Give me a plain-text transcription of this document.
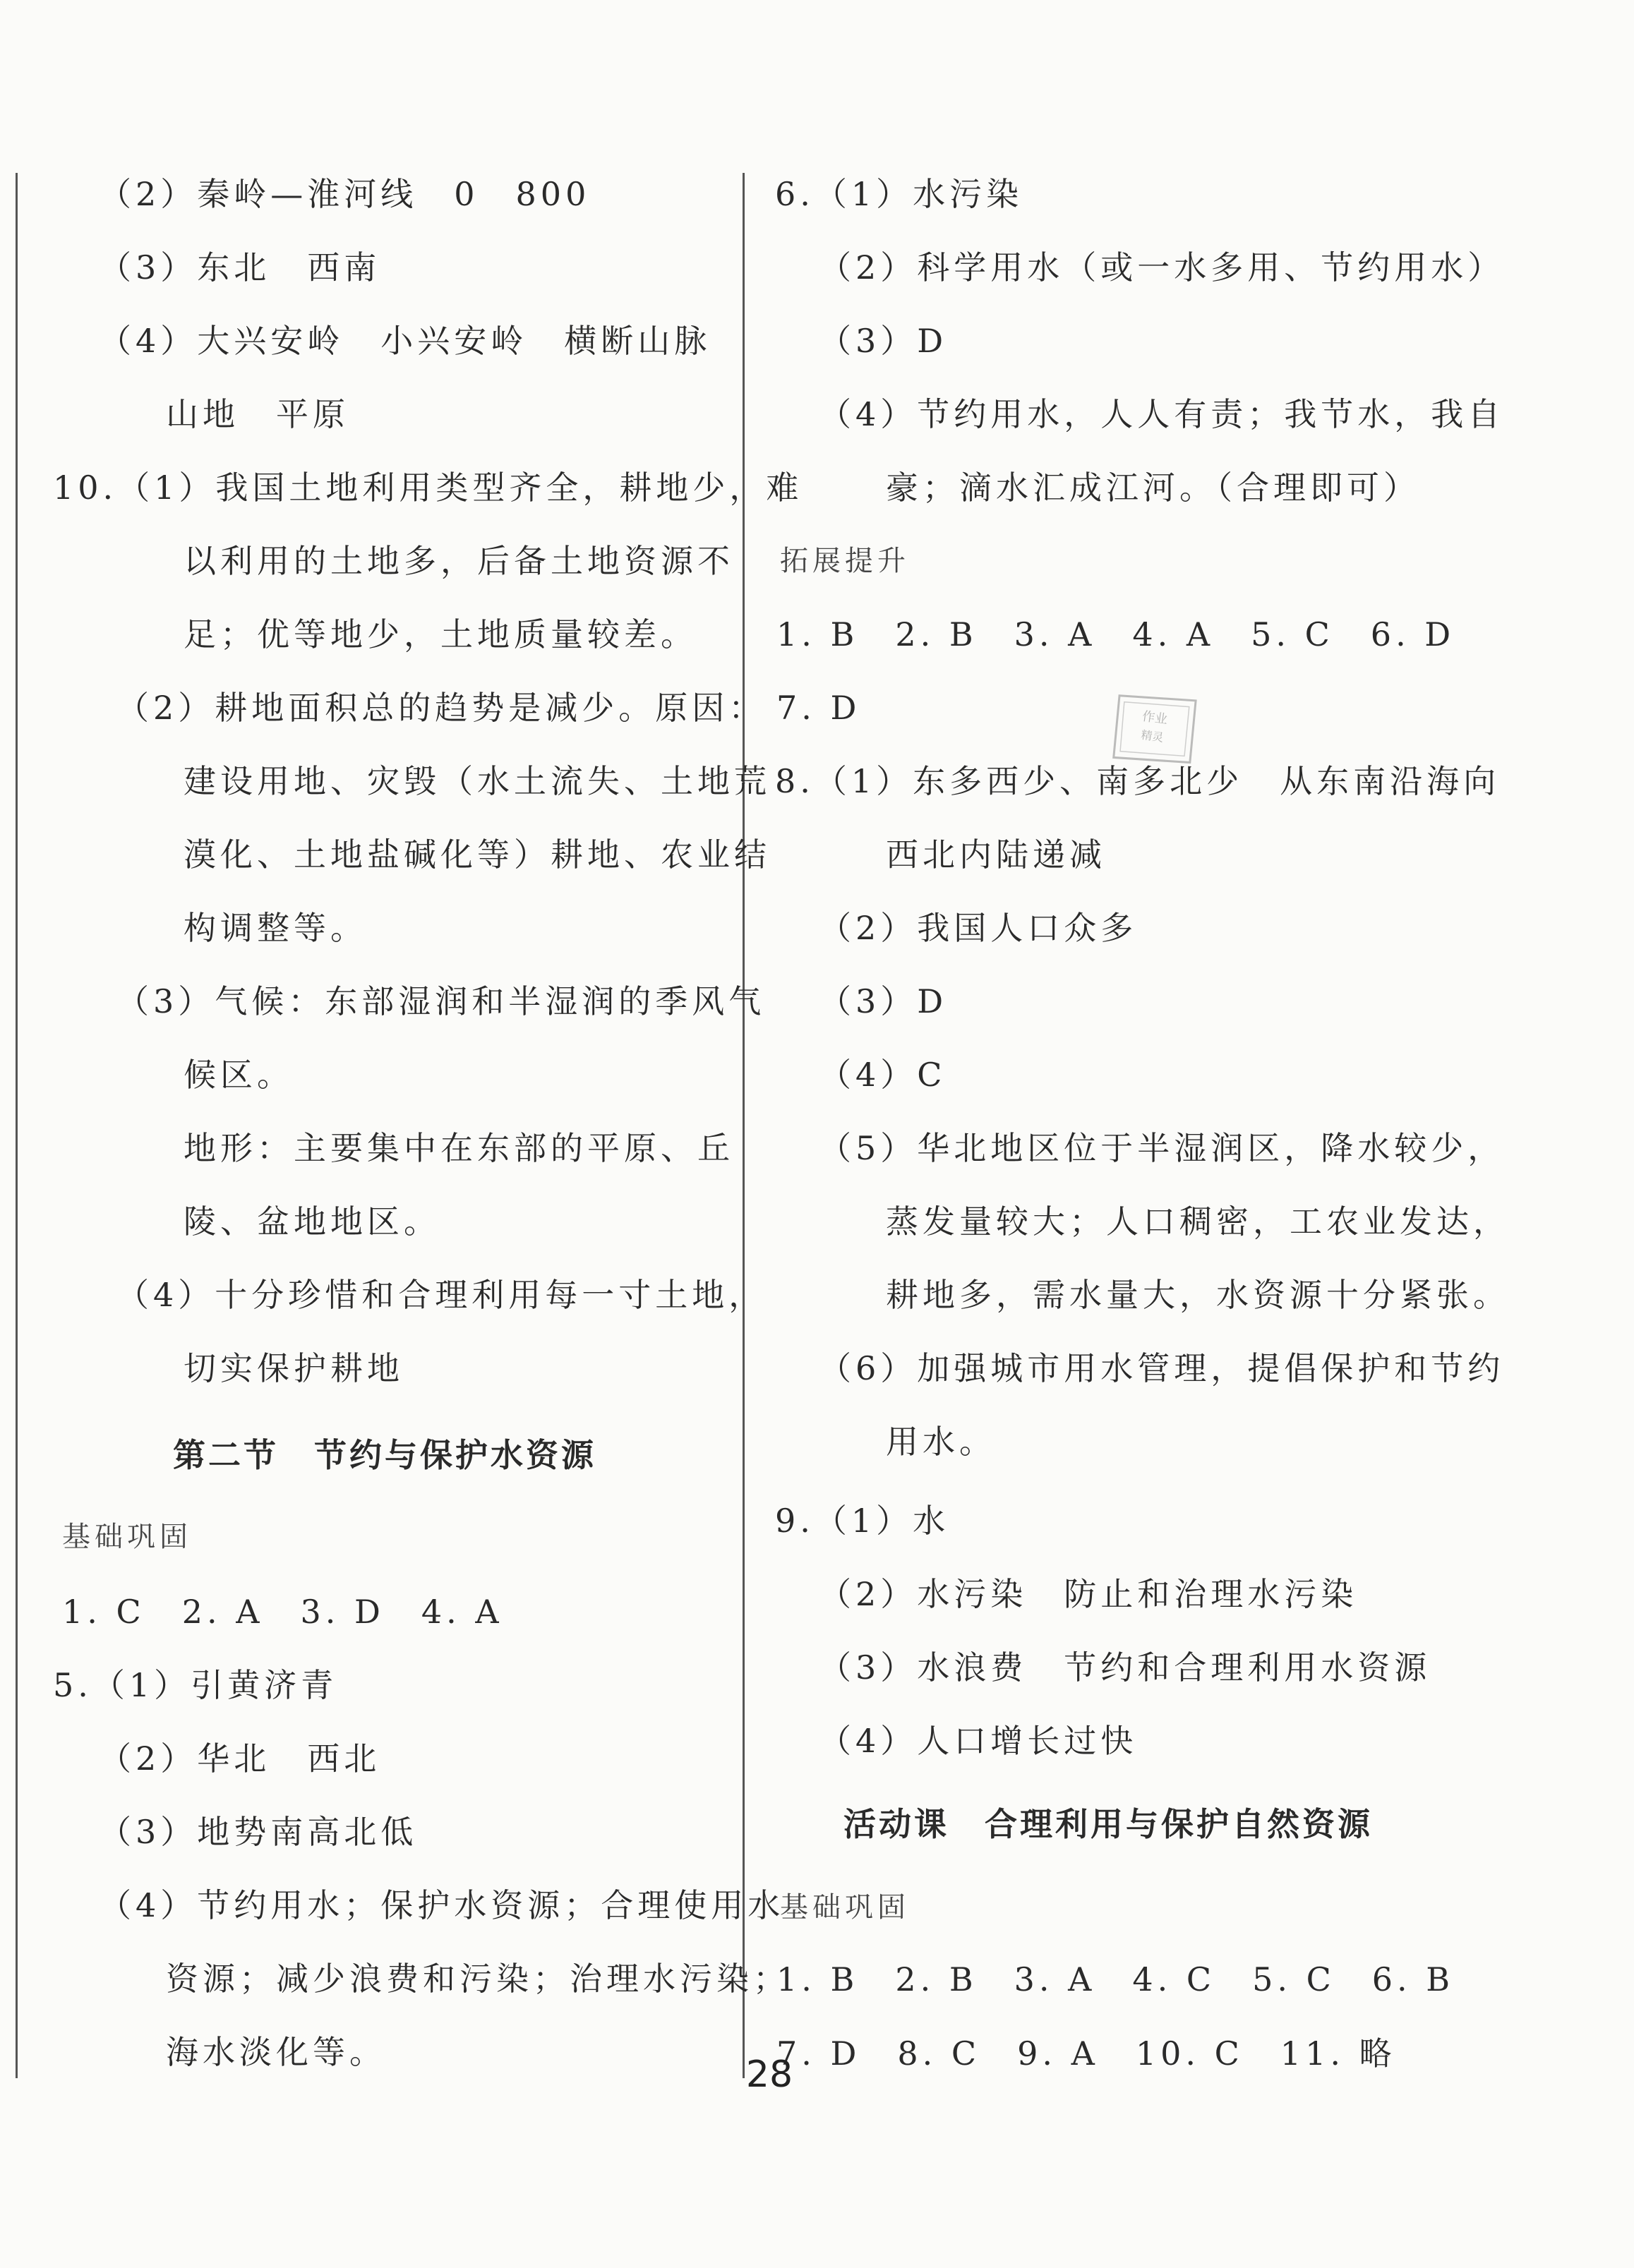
（2）秦岭—淮河线　0　800
（3）东北　西南
（4）大兴安岭　小兴安岭　横断山脉
山地　平原
10.（1）我国土地利用类型齐全，耕地少，难
以利用的土地多，后备土地资源不
足；优等地少，土地质量较差。
（2）耕地面积总的趋势是减少。原因：
建设用地、灾毁（水土流失、土地荒
漠化、土地盐碱化等）耕地、农业结
构调整等。
（3）气候：东部湿润和半湿润的季风气
候区。
地形：主要集中在东部的平原、丘
陵、盆地地区。
（4）十分珍惜和合理利用每一寸土地，
切实保护耕地
第二节　节约与保护水资源
基础巩固
1. C　2. A　3. D　4. A
5.（1）引黄济青
（2）华北　西北
（3）地势南高北低
（4）节约用水；保护水资源；合理使用水
资源；减少浪费和污染；治理水污染；
海水淡化等。
6.（1）水污染
（2）科学用水（或一水多用、节约用水）
（3）D
（4）节约用水，人人有责；我节水，我自
豪；滴水汇成江河。（合理即可）
拓展提升
1. B　2. B　3. A　4. A　5. C　6. D
7. D
8.（1）东多西少、南多北少　从东南沿海向
西北内陆递减
（2）我国人口众多
（3）D
（4）C
（5）华北地区位于半湿润区，降水较少，
蒸发量较大；人口稠密，工农业发达，
耕地多，需水量大，水资源十分紧张。
（6）加强城市用水管理，提倡保护和节约
用水。
9.（1）水
（2）水污染　防止和治理水污染
（3）水浪费　节约和合理利用水资源
（4）人口增长过快
活动课　合理利用与保护自然资源
基础巩固
1. B　2. B　3. A　4. C　5. C　6. B
7. D　8. C　9. A　10. C　11. 略
作业
精灵
28
